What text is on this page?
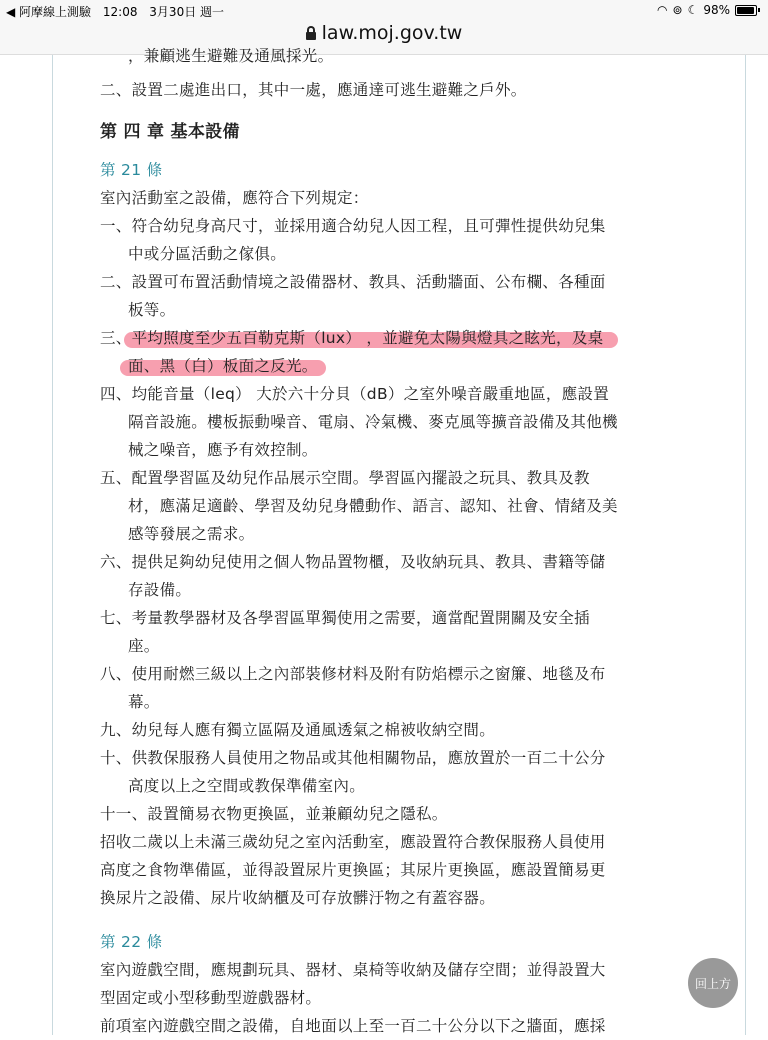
◀ 阿摩線上測驗 12:08 3月30日 週一	◠ ⊚ ☾ 98%
law.moj.gov.tw

，兼顧逃生避難及通風採光。

二、設置二處進出口，其中一處，應通達可逃生避難之戶外。

第 四 章 基本設備

第 21 條

室內活動室之設備，應符合下列規定：

一、符合幼兒身高尺寸，並採用適合幼兒人因工程，且可彈性提供幼兒集中或分區活動之傢俱。

二、設置可布置活動情境之設備器材、教具、活動牆面、公布欄、各種面板等。

三、平均照度至少五百勒克斯（lux） ，並避免太陽與燈具之眩光，及桌面、黑（白）板面之反光。

四、均能音量（leq） 大於六十分貝（dB）之室外噪音嚴重地區，應設置隔音設施。樓板振動噪音、電扇、冷氣機、麥克風等擴音設備及其他機械之噪音，應予有效控制。

五、配置學習區及幼兒作品展示空間。學習區內擺設之玩具、教具及教材，應滿足適齡、學習及幼兒身體動作、語言、認知、社會、情緒及美感等發展之需求。

六、提供足夠幼兒使用之個人物品置物櫃，及收納玩具、教具、書籍等儲存設備。

七、考量教學器材及各學習區單獨使用之需要，適當配置開關及安全插座。

八、使用耐燃三級以上之內部裝修材料及附有防焰標示之窗簾、地毯及布幕。

九、幼兒每人應有獨立區隔及通風透氣之棉被收納空間。

十、供教保服務人員使用之物品或其他相關物品，應放置於一百二十公分高度以上之空間或教保準備室內。

十一、設置簡易衣物更換區，並兼顧幼兒之隱私。

招收二歲以上未滿三歲幼兒之室內活動室，應設置符合教保服務人員使用高度之食物準備區，並得設置尿片更換區；其尿片更換區，應設置簡易更換尿片之設備、尿片收納櫃及可存放髒汙物之有蓋容器。

第 22 條

室內遊戲空間，應規劃玩具、器材、桌椅等收納及儲存空間；並得設置大型固定或小型移動型遊戲器材。

前項室內遊戲空間之設備，自地面以上至一百二十公分以下之牆面，應採

回上方
